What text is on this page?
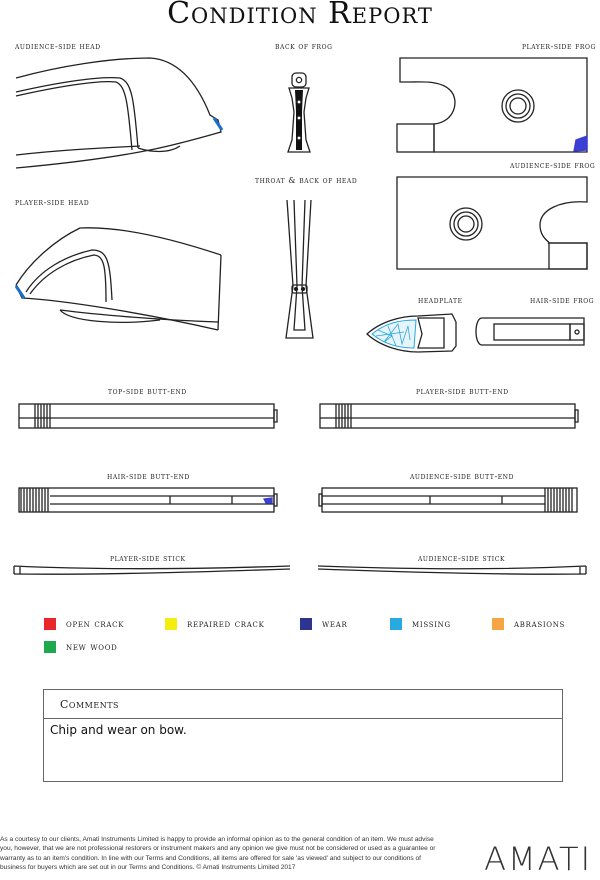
Condition Report
audience-side head	back of frog	player-side frog
audience-side frog
throat & back of head
player-side head
headplate	hair-side frog
top-side butt-end	player-side butt-end
hair-side butt-end	audience-side butt-end
player-side stick	audience-side stick
open crack	repaired crack	wear	missing	abrasions
new wood
Comments
Chip and wear on bow.
As a courtesy to our clients, Amati Instruments Limited is happy to provide an informal opinion as to the general condition of an item. We must advise you, however, that we are not professional restorers or instrument makers and any opinion we give must not be considered or used as a guarantee or warranty as to an item's condition. In line with our Terms and Conditions, all items are offered for sale 'as viewed' and subject to our conditions of business for buyers which are set out in our Terms and Conditions. © Amati Instruments Limited 2017	AMATI
